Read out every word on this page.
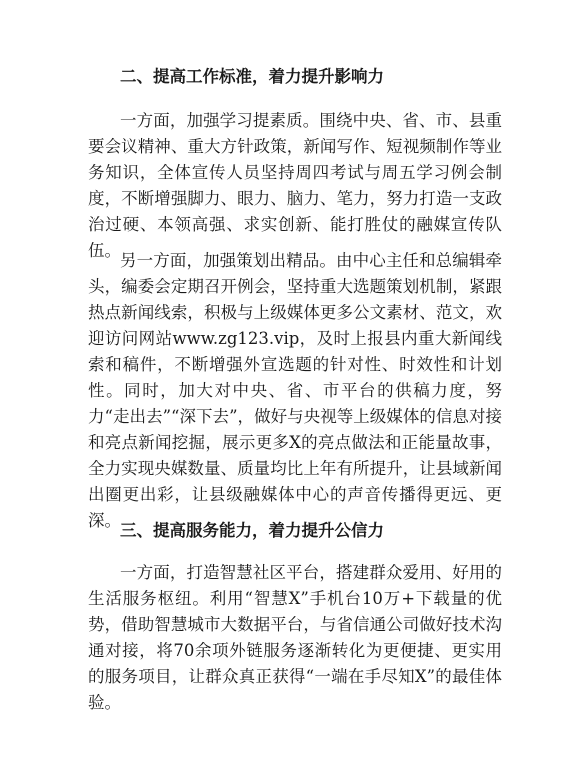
二、提高工作标准，着力提升影响力
一方面，加强学习提素质。围绕中央、省、市、县重要会议精神、重大方针政策，新闻写作、短视频制作等业务知识，全体宣传人员坚持周四考试与周五学习例会制度，不断增强脚力、眼力、脑力、笔力，努力打造一支政治过硬、本领高强、求实创新、能打胜仗的融媒宣传队伍。
另一方面，加强策划出精品。由中心主任和总编辑牵头，编委会定期召开例会，坚持重大选题策划机制，紧跟热点新闻线索，积极与上级媒体更多公文素材、范文，欢迎访问网站www.zg123.vip，及时上报县内重大新闻线索和稿件，不断增强外宣选题的针对性、时效性和计划性。同时，加大对中央、省、市平台的供稿力度，努力“走出去”“深下去”，做好与央视等上级媒体的信息对接和亮点新闻挖掘，展示更多X的亮点做法和正能量故事，全力实现央媒数量、质量均比上年有所提升，让县域新闻出圈更出彩，让县级融媒体中心的声音传播得更远、更深。
三、提高服务能力，着力提升公信力
一方面，打造智慧社区平台，搭建群众爱用、好用的生活服务枢纽。利用“智慧X”手机台10万+下载量的优势，借助智慧城市大数据平台，与省信通公司做好技术沟通对接，将70余项外链服务逐渐转化为更便捷、更实用的服务项目，让群众真正获得“一端在手尽知X”的最佳体验。
